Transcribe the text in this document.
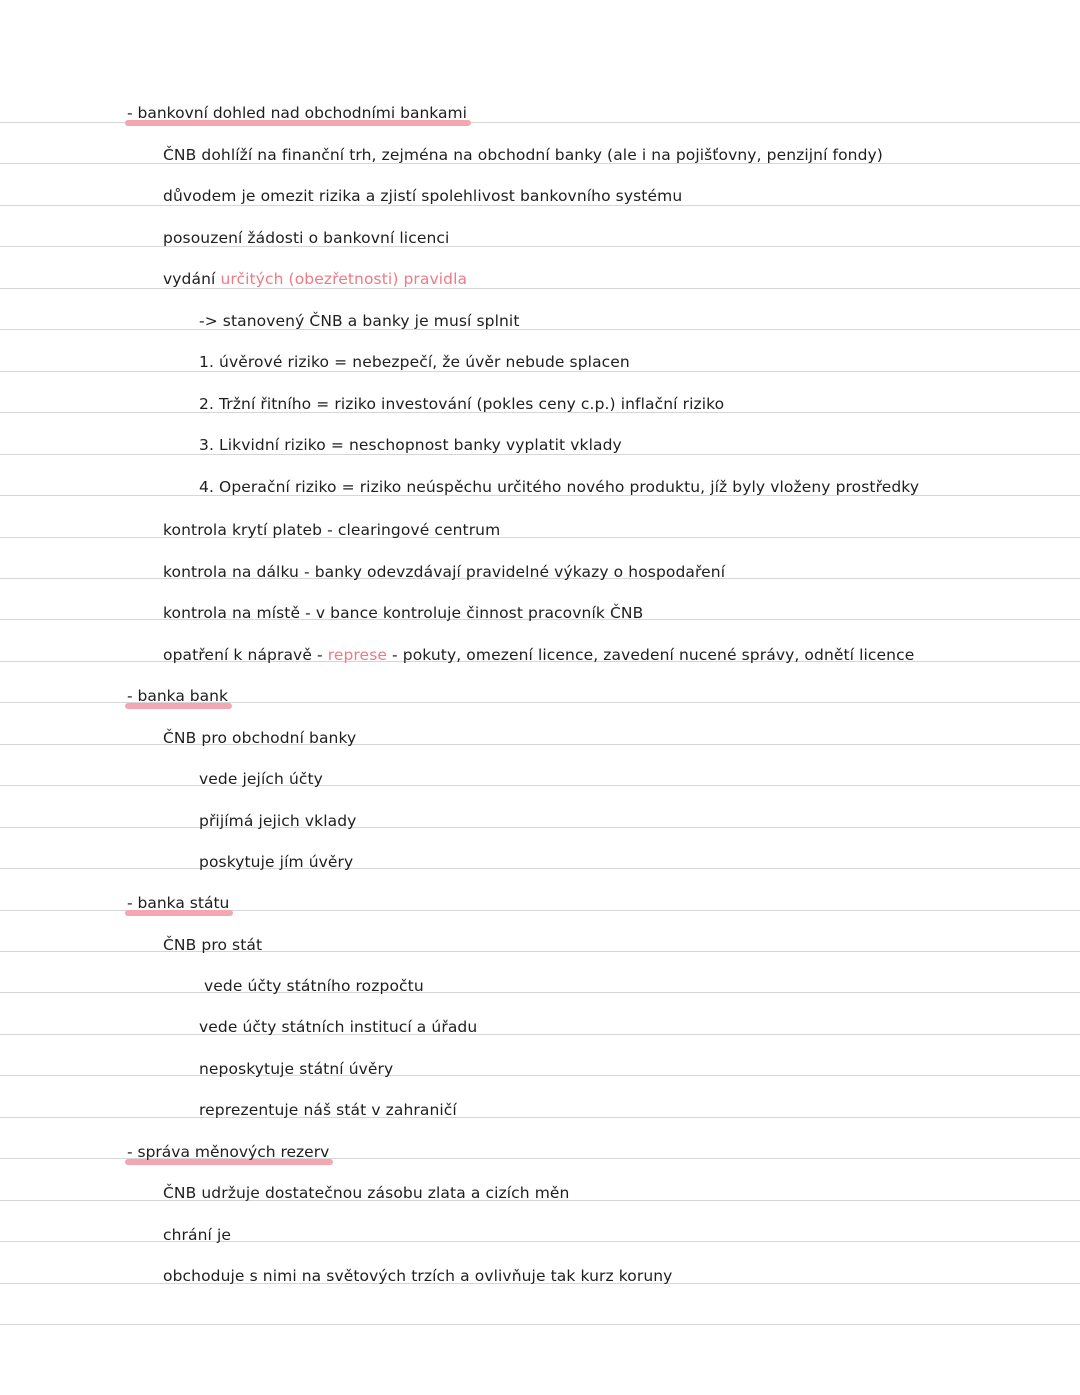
- bankovní dohled nad obchodními bankami
ČNB dohlíží na finanční trh, zejména na obchodní banky (ale i na pojišťovny, penzijní fondy)
důvodem je omezit rizika a zjistí spolehlivost bankovního systému
posouzení žádosti o bankovní licenci
vydání určitých (obezřetnosti) pravidla
-> stanovený ČNB a banky je musí splnit
1. úvěrové riziko = nebezpečí, že úvěr nebude splacen
2. Tržní řitního = riziko investování (pokles ceny c.p.) inflační riziko
3. Likvidní riziko = neschopnost banky vyplatit vklady
4. Operační riziko = riziko neúspěchu určitého nového produktu, jíž byly vloženy prostředky
kontrola krytí plateb - clearingové centrum
kontrola na dálku - banky odevzdávají pravidelné výkazy o hospodaření
kontrola na místě - v bance kontroluje činnost pracovník ČNB
opatření k nápravě - represe - pokuty, omezení licence, zavedení nucené správy, odnětí licence
- banka bank
ČNB pro obchodní banky
vede jejích účty
přijímá jejich vklady
poskytuje jím úvěry
- banka státu
ČNB pro stát
vede účty státního rozpočtu
vede účty státních institucí a úřadu
neposkytuje státní úvěry
reprezentuje náš stát v zahraničí
- správa měnových rezerv
ČNB udržuje dostatečnou zásobu zlata a cizích měn
chrání je
obchoduje s nimi na světových trzích a ovlivňuje tak kurz koruny
